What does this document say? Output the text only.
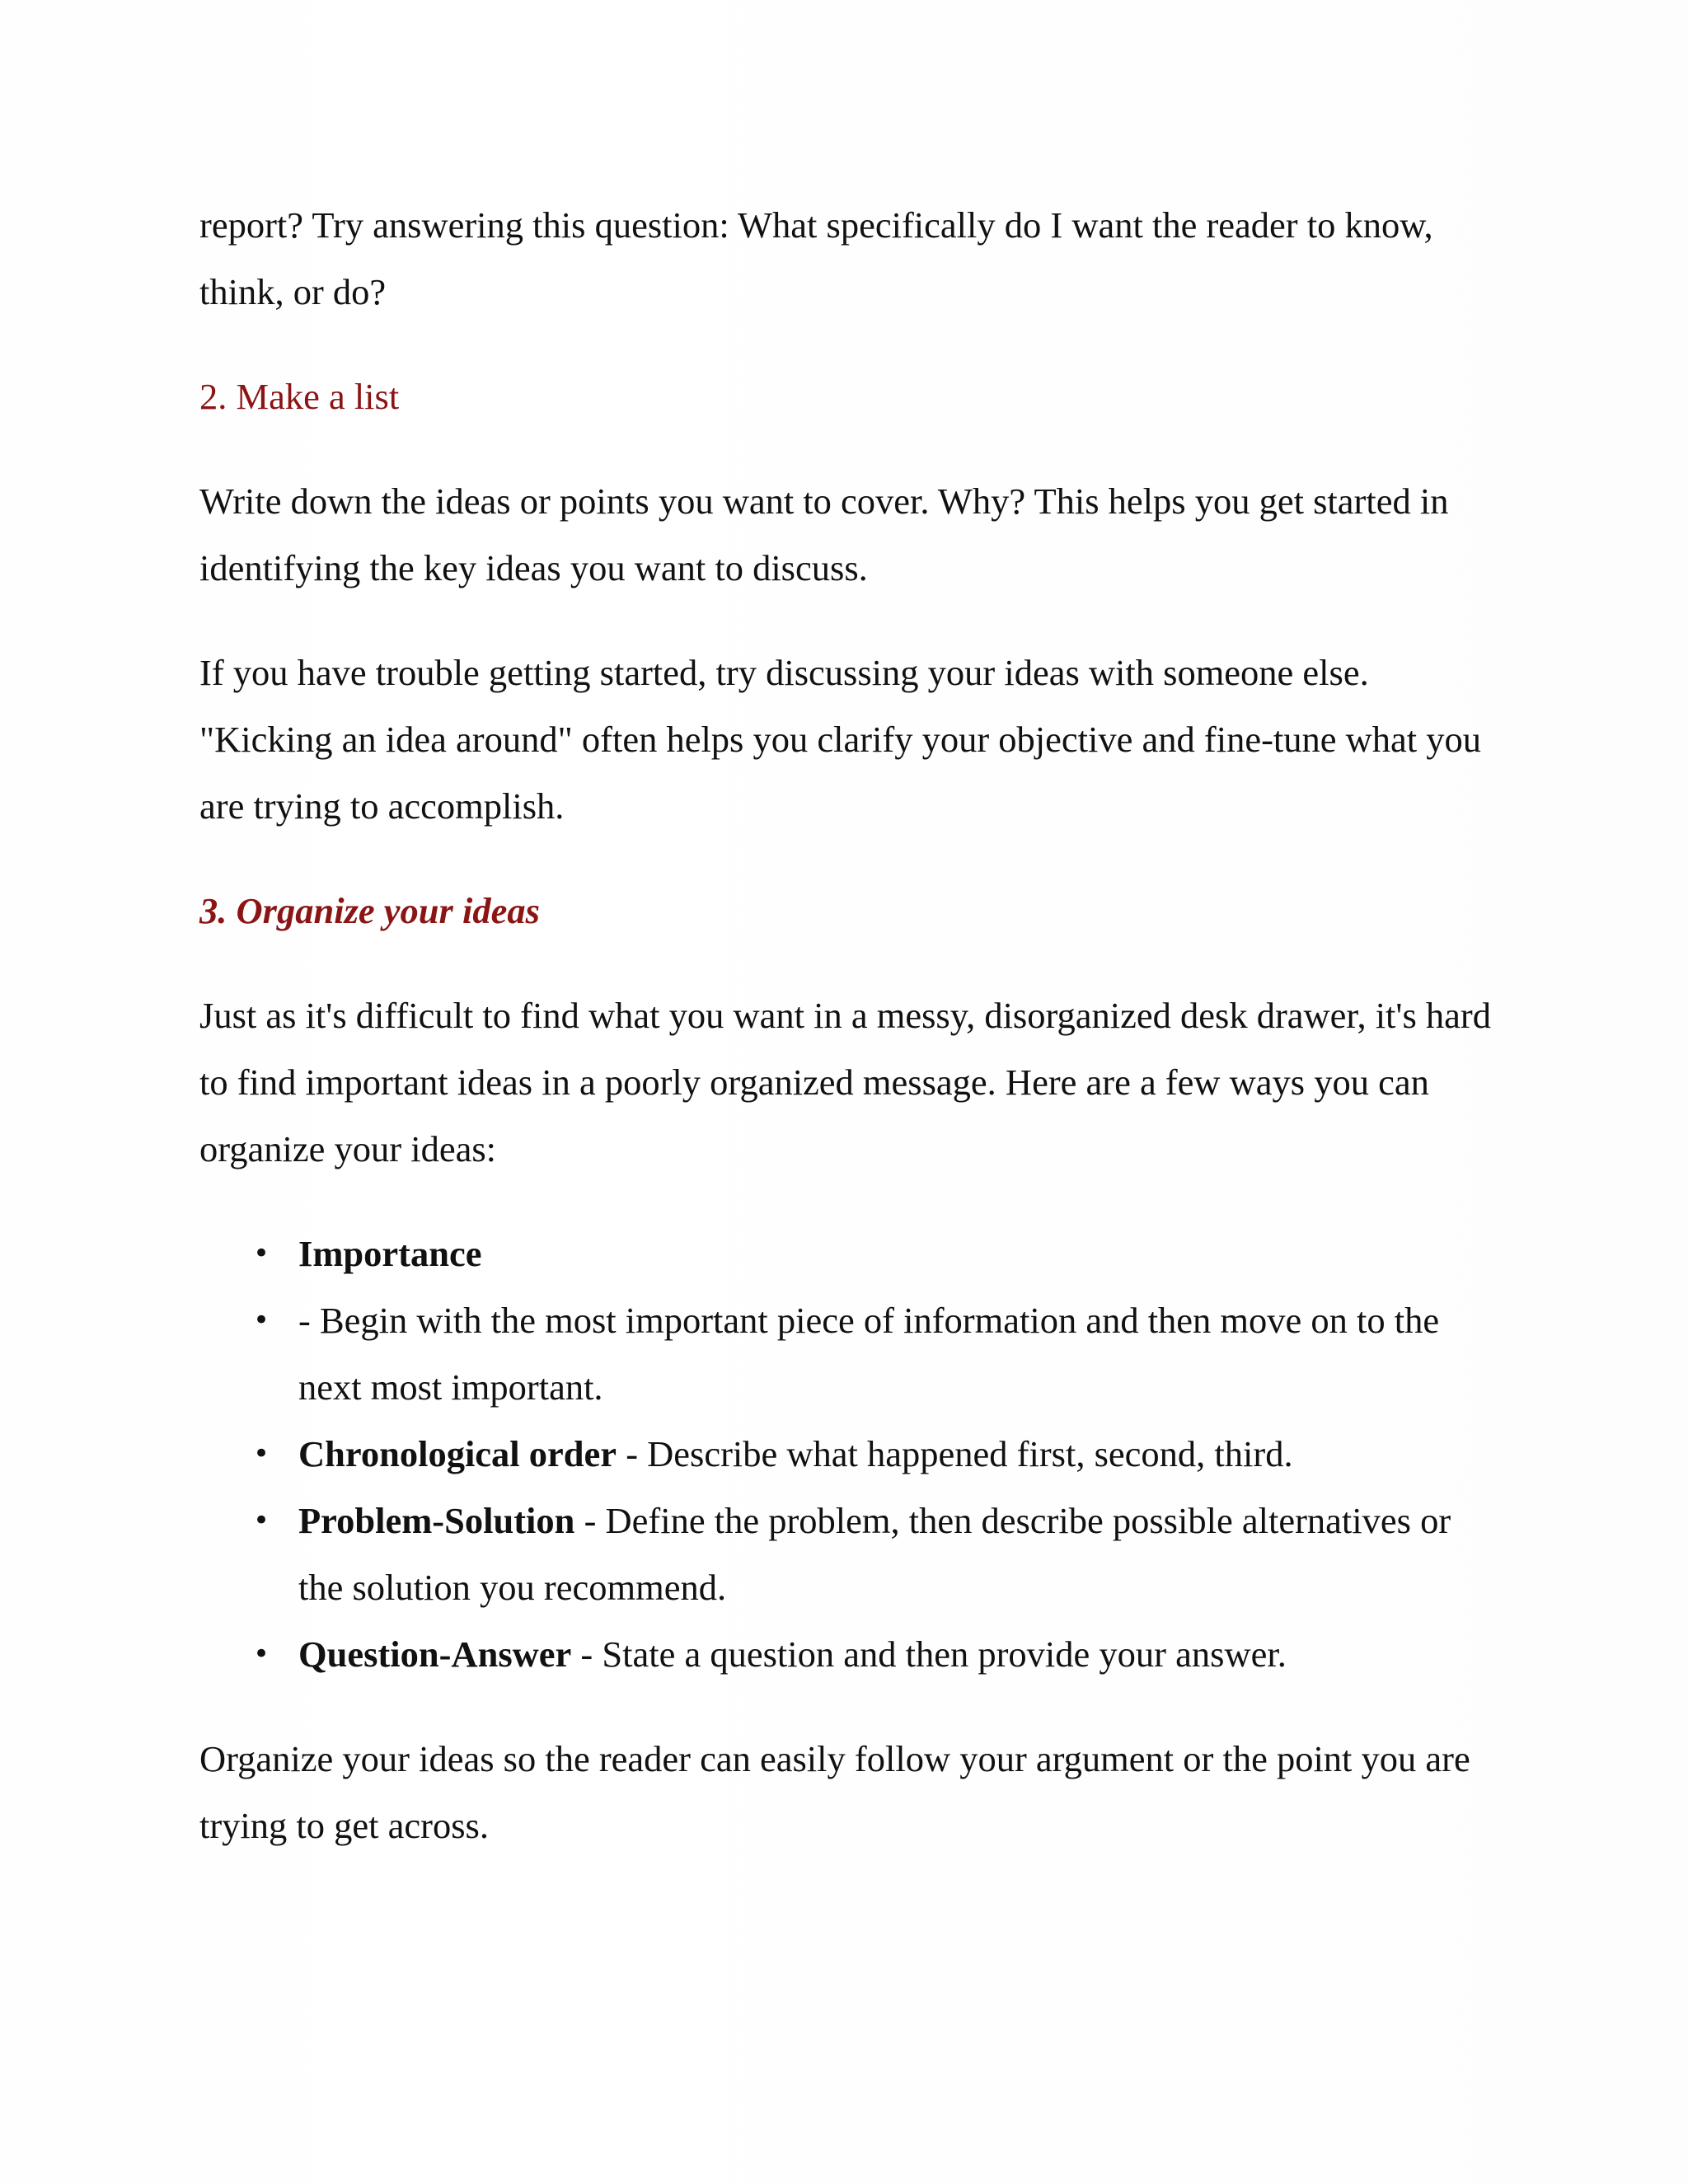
report? Try answering this question: What specifically do I want the reader to know, think, or do?

2. Make a list

Write down the ideas or points you want to cover. Why? This helps you get started in identifying the key ideas you want to discuss.

If you have trouble getting started, try discussing your ideas with someone else. "Kicking an idea around" often helps you clarify your objective and fine-tune what you are trying to accomplish.

3. Organize your ideas

Just as it's difficult to find what you want in a messy, disorganized desk drawer, it's hard to find important ideas in a poorly organized message. Here are a few ways you can organize your ideas:

• Importance
• - Begin with the most important piece of information and then move on to the next most important.
• Chronological order - Describe what happened first, second, third.
• Problem-Solution - Define the problem, then describe possible alternatives or the solution you recommend.
• Question-Answer - State a question and then provide your answer.

Organize your ideas so the reader can easily follow your argument or the point you are trying to get across.
